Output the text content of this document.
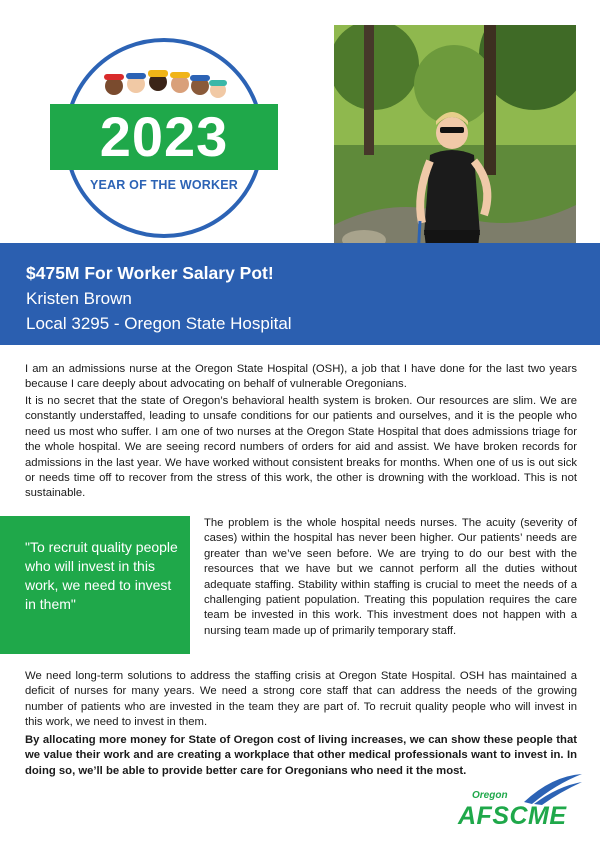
2023
YEAR OF THE WORKER
$475M For Worker Salary Pot!
Kristen Brown
Local 3295 - Oregon State Hospital

I am an admissions nurse at the Oregon State Hospital (OSH), a job that I have done for the last two years because I care deeply about advocating on behalf of vulnerable Oregonians.

It is no secret that the state of Oregon’s behavioral health system is broken. Our resources are slim. We are constantly understaffed, leading to unsafe conditions for our patients and ourselves, and it is the people who need us most who suffer. I am one of two nurses at the Oregon State Hospital that does admissions triage for the whole hospital. We are seeing record numbers of orders for aid and assist. We have broken records for admissions in the last year. We have worked without consistent breaks for months. When one of us is out sick or needs time off to recover from the stress of this work, the other is drowning with the workload. This is not sustainable.

"To recruit quality people who will invest in this work, we need to invest in them"

The problem is the whole hospital needs nurses. The acuity (severity of cases) within the hospital has never been higher. Our patients’ needs are greater than we’ve seen before. We are trying to do our best with the resources that we have but we cannot perform all the duties without adequate staffing. Stability within staffing is crucial to meet the needs of a challenging patient population. Treating this population requires the care team be invested in this work. This investment does not happen with a nursing team made up of primarily temporary staff.

We need long-term solutions to address the staffing crisis at Oregon State Hospital. OSH has maintained a deficit of nurses for many years. We need a strong core staff that can address the needs of the growing number of patients who are invested in the team they are part of. To recruit quality people who will invest in this work, we need to invest in them.

By allocating more money for State of Oregon cost of living increases, we can show these people that we value their work and are creating a workplace that other medical professionals want to invest in. In doing so, we’ll be able to provide better care for Oregonians who need it the most.

Oregon
AFSCME
